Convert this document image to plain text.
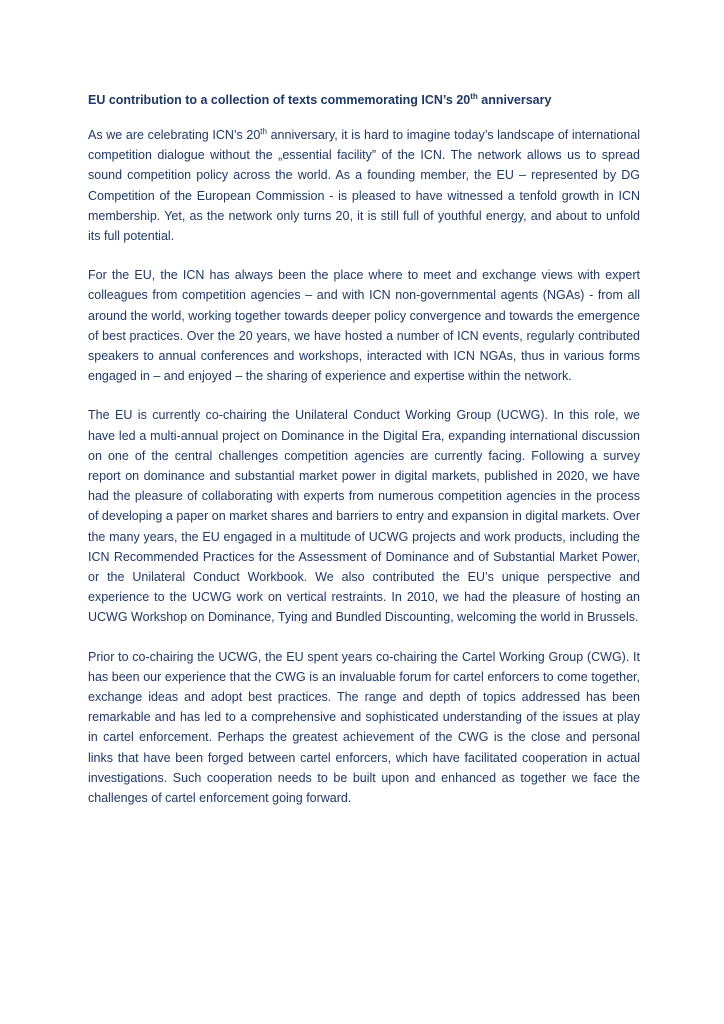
EU contribution to a collection of texts commemorating ICN’s 20th anniversary

As we are celebrating ICN’s 20th anniversary, it is hard to imagine today’s landscape of international competition dialogue without the „essential facility” of the ICN. The network allows us to spread sound competition policy across the world. As a founding member, the EU – represented by DG Competition of the European Commission - is pleased to have witnessed a tenfold growth in ICN membership. Yet, as the network only turns 20, it is still full of youthful energy, and about to unfold its full potential.

For the EU, the ICN has always been the place where to meet and exchange views with expert colleagues from competition agencies – and with ICN non-governmental agents (NGAs) - from all around the world, working together towards deeper policy convergence and towards the emergence of best practices. Over the 20 years, we have hosted a number of ICN events, regularly contributed speakers to annual conferences and workshops, interacted with ICN NGAs, thus in various forms engaged in – and enjoyed – the sharing of experience and expertise within the network.

The EU is currently co-chairing the Unilateral Conduct Working Group (UCWG). In this role, we have led a multi-annual project on Dominance in the Digital Era, expanding international discussion on one of the central challenges competition agencies are currently facing. Following a survey report on dominance and substantial market power in digital markets, published in 2020, we have had the pleasure of collaborating with experts from numerous competition agencies in the process of developing a paper on market shares and barriers to entry and expansion in digital markets. Over the many years, the EU engaged in a multitude of UCWG projects and work products, including the ICN Recommended Practices for the Assessment of Dominance and of Substantial Market Power, or the Unilateral Conduct Workbook. We also contributed the EU’s unique perspective and experience to the UCWG work on vertical restraints. In 2010, we had the pleasure of hosting an UCWG Workshop on Dominance, Tying and Bundled Discounting, welcoming the world in Brussels.

Prior to co-chairing the UCWG, the EU spent years co-chairing the Cartel Working Group (CWG). It has been our experience that the CWG is an invaluable forum for cartel enforcers to come together, exchange ideas and adopt best practices. The range and depth of topics addressed has been remarkable and has led to a comprehensive and sophisticated understanding of the issues at play in cartel enforcement. Perhaps the greatest achievement of the CWG is the close and personal links that have been forged between cartel enforcers, which have facilitated cooperation in actual investigations. Such cooperation needs to be built upon and enhanced as together we face the challenges of cartel enforcement going forward.
